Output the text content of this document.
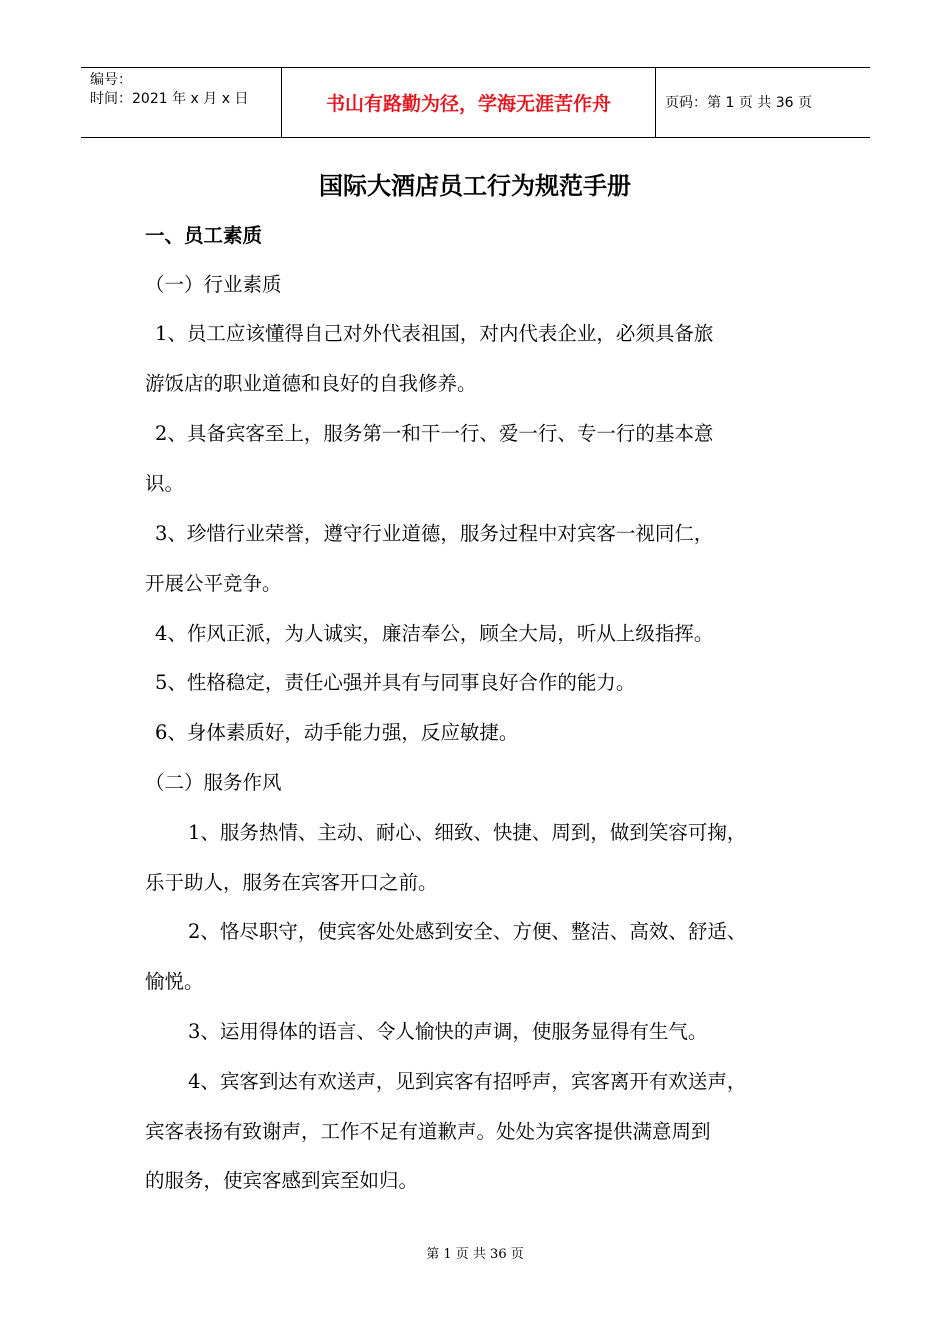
编号：
时间：2021 年 x 月 x 日	书山有路勤为径，学海无涯苦作舟	页码：第 1 页 共 36 页
国际大酒店员工行为规范手册
一、员工素质
（一）行业素质
1、员工应该懂得自己对外代表祖国，对内代表企业，必须具备旅
游饭店的职业道德和良好的自我修养。
2、具备宾客至上，服务第一和干一行、爱一行、专一行的基本意
识。
3、珍惜行业荣誉，遵守行业道德，服务过程中对宾客一视同仁，
开展公平竞争。
4、作风正派，为人诚实，廉洁奉公，顾全大局，听从上级指挥。
5、性格稳定，责任心强并具有与同事良好合作的能力。
6、身体素质好，动手能力强，反应敏捷。
（二）服务作风
1、服务热情、主动、耐心、细致、快捷、周到，做到笑容可掬，
乐于助人，服务在宾客开口之前。
2、恪尽职守，使宾客处处感到安全、方便、整洁、高效、舒适、
愉悦。
3、运用得体的语言、令人愉快的声调，使服务显得有生气。
4、宾客到达有欢送声，见到宾客有招呼声，宾客离开有欢送声，
宾客表扬有致谢声，工作不足有道歉声。处处为宾客提供满意周到
的服务，使宾客感到宾至如归。
第 1 页 共 36 页
